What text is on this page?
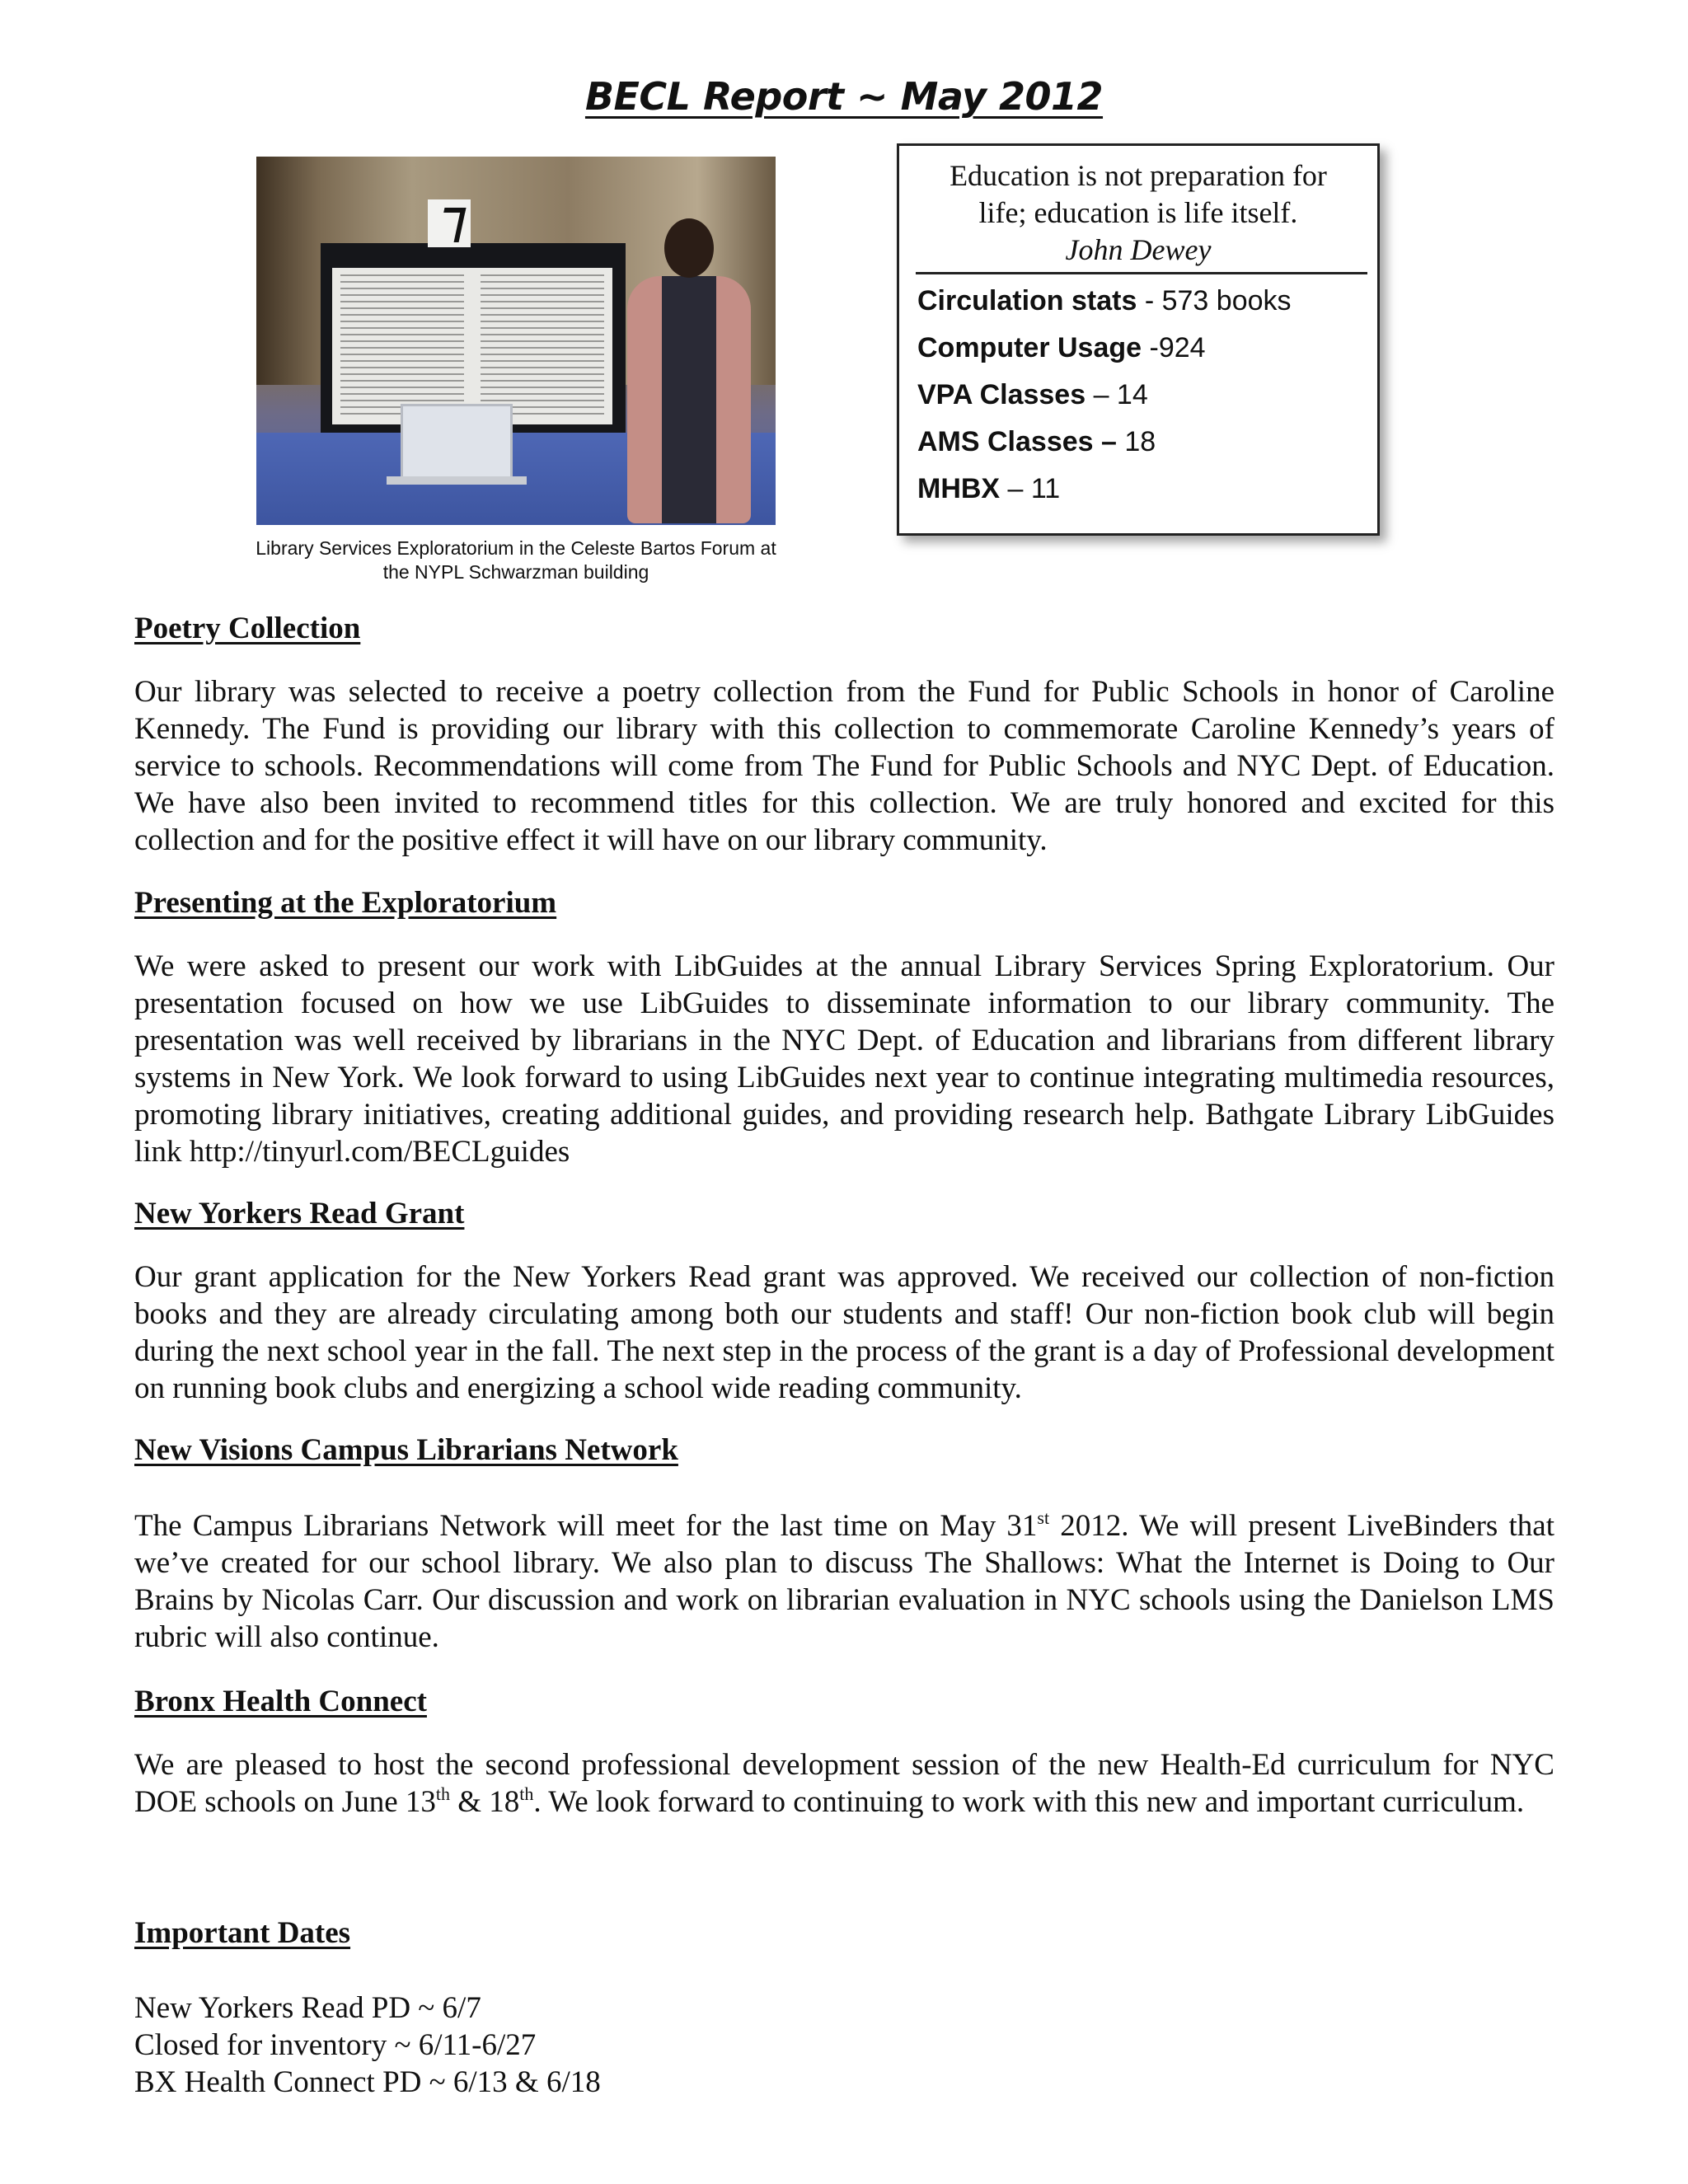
BECL Report ~ May 2012
Library Services Exploratorium in the Celeste Bartos Forum at the NYPL Schwarzman building
Education is not preparation for
life; education is life itself.
John Dewey
Circulation stats - 573 books
Computer Usage -924
VPA Classes – 14
AMS Classes – 18
MHBX – 11
Poetry Collection
Our library was selected to receive a poetry collection from the Fund for Public Schools in honor of Caroline Kennedy. The Fund is providing our library with this collection to commemorate Caroline Kennedy’s years of service to schools. Recommendations will come from The Fund for Public Schools and NYC Dept. of Education. We have also been invited to recommend titles for this collection. We are truly honored and excited for this collection and for the positive effect it will have on our library community.
Presenting at the Exploratorium
We were asked to present our work with LibGuides at the annual Library Services Spring Exploratorium. Our presentation focused on how we use LibGuides to disseminate information to our library community. The presentation was well received by librarians in the NYC Dept. of Education and librarians from different library systems in New York. We look forward to using LibGuides next year to continue integrating multimedia resources, promoting library initiatives, creating additional guides, and providing research help. Bathgate Library LibGuides link http://tinyurl.com/BECLguides
New Yorkers Read Grant
Our grant application for the New Yorkers Read grant was approved. We received our collection of non-fiction books and they are already circulating among both our students and staff! Our non-fiction book club will begin during the next school year in the fall. The next step in the process of the grant is a day of Professional development on running book clubs and energizing a school wide reading community.
New Visions Campus Librarians Network
The Campus Librarians Network will meet for the last time on May 31st 2012. We will present LiveBinders that we’ve created for our school library. We also plan to discuss The Shallows: What the Internet is Doing to Our Brains by Nicolas Carr. Our discussion and work on librarian evaluation in NYC schools using the Danielson LMS rubric will also continue.
Bronx Health Connect
We are pleased to host the second professional development session of the new Health-Ed curriculum for NYC DOE schools on June 13th & 18th. We look forward to continuing to work with this new and important curriculum.
Important Dates
New Yorkers Read PD ~ 6/7
Closed for inventory ~ 6/11-6/27
BX Health Connect PD ~ 6/13 & 6/18
